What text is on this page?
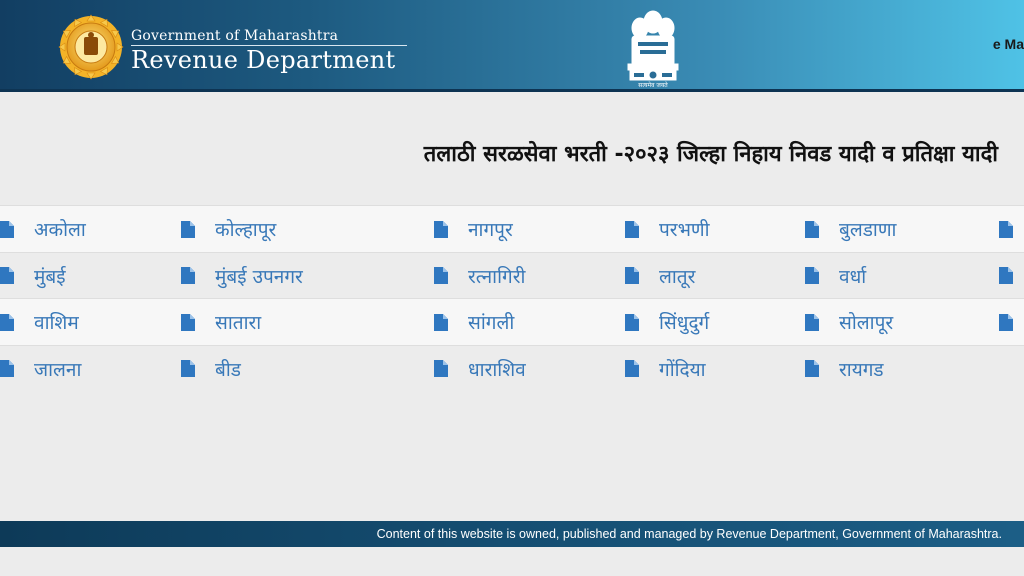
Government of Maharashtra
Revenue Department
सत्यमेव जयते
e Ma
तलाठी सरळसेवा भरती -२०२३ जिल्हा निहाय निवड यादी व प्रतिक्षा यादी
अकोला	कोल्हापूर	नागपूर	परभणी	बुलडाणा
मुंबई	मुंबई उपनगर	रत्नागिरी	लातूर	वर्धा
वाशिम	सातारा	सांगली	सिंधुदुर्ग	सोलापूर
जालना	बीड	धाराशिव	गोंदिया	रायगड
Content of this website is owned, published and managed by Revenue Department, Government of Maharashtra.
